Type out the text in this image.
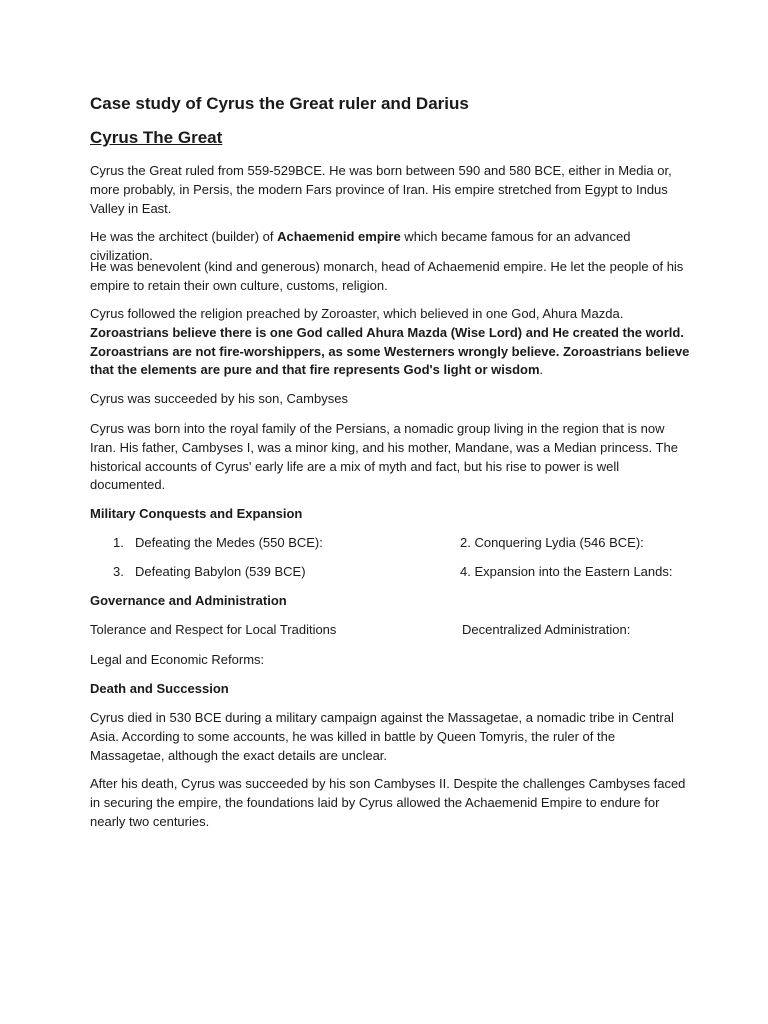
Case study of Cyrus the Great ruler and Darius
Cyrus The Great

Cyrus the Great ruled from 559-529BCE. He was born between 590 and 580 BCE, either in Media or, more probably, in Persis, the modern Fars province of Iran. His empire stretched from Egypt to Indus Valley in East.

He was the architect (builder) of Achaemenid empire which became famous for an advanced civilization.

He was benevolent (kind and generous) monarch, head of Achaemenid empire. He let the people of his empire to retain their own culture, customs, religion.

Cyrus followed the religion preached by Zoroaster, which believed in one God, Ahura Mazda. Zoroastrians believe there is one God called Ahura Mazda (Wise Lord) and He created the world. Zoroastrians are not fire-worshippers, as some Westerners wrongly believe. Zoroastrians believe that the elements are pure and that fire represents God's light or wisdom.

Cyrus was succeeded by his son, Cambyses

Cyrus was born into the royal family of the Persians, a nomadic group living in the region that is now Iran. His father, Cambyses I, was a minor king, and his mother, Mandane, was a Median princess. The historical accounts of Cyrus' early life are a mix of myth and fact, but his rise to power is well documented.

Military Conquests and Expansion

1. Defeating the Medes (550 BCE):	2. Conquering Lydia (546 BCE):
3. Defeating Babylon (539 BCE)	4. Expansion into the Eastern Lands:

Governance and Administration

Tolerance and Respect for Local Traditions	Decentralized Administration:

Legal and Economic Reforms:

Death and Succession

Cyrus died in 530 BCE during a military campaign against the Massagetae, a nomadic tribe in Central Asia. According to some accounts, he was killed in battle by Queen Tomyris, the ruler of the Massagetae, although the exact details are unclear.

After his death, Cyrus was succeeded by his son Cambyses II. Despite the challenges Cambyses faced in securing the empire, the foundations laid by Cyrus allowed the Achaemenid Empire to endure for nearly two centuries.
